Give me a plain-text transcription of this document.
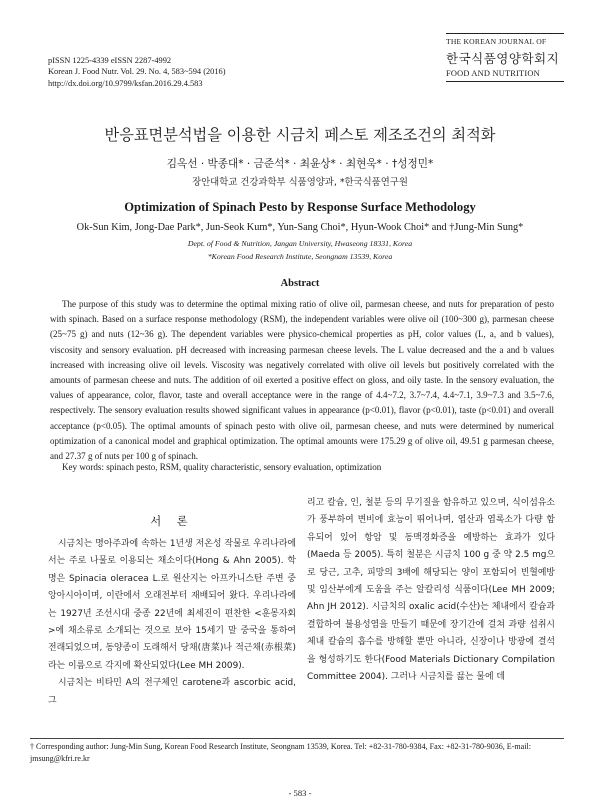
pISSN 1225-4339 eISSN 2287-4992
Korean J. Food Nutr. Vol. 29. No. 4, 583~594 (2016)
http://dx.doi.org/10.9799/ksfan.2016.29.4.583
THE KOREAN JOURNAL OF
한국식품영양학회지
FOOD AND NUTRITION
반응표면분석법을 이용한 시금치 페스토 제조조건의 최적화
김옥선 · 박종대* · 금준석* · 최윤상* · 최현욱* · †성정민*
장안대학교 건강과학부 식품영양과, *한국식품연구원
Optimization of Spinach Pesto by Response Surface Methodology
Ok-Sun Kim, Jong-Dae Park*, Jun-Seok Kum*, Yun-Sang Choi*, Hyun-Wook Choi* and †Jung-Min Sung*
Dept. of Food & Nutrition, Jangan University, Hwaseong 18331, Korea
*Korean Food Research Institute, Seongnam 13539, Korea
Abstract
The purpose of this study was to determine the optimal mixing ratio of olive oil, parmesan cheese, and nuts for preparation of pesto with spinach. Based on a surface response methodology (RSM), the independent variables were olive oil (100~300 g), parmesan cheese (25~75 g) and nuts (12~36 g). The dependent variables were physico-chemical properties as pH, color values (L, a, and b values), viscosity and sensory evaluation. pH decreased with increasing parmesan cheese levels. The L value decreased and the a and b values increased with increasing olive oil levels. Viscosity was negatively correlated with olive oil levels but positively correlated with the amounts of parmesan cheese and nuts. The addition of oil exerted a positive effect on gloss, and oily taste. In the sensory evaluation, the values of appearance, color, flavor, taste and overall acceptance were in the range of 4.4~7.2, 3.7~7.4, 4.4~7.1, 3.9~7.3 and 3.5~7.6, respectively. The sensory evaluation results showed significant values in appearance (p<0.01), flavor (p<0.01), taste (p<0.01) and overall acceptance (p<0.05). The optimal amounts of spinach pesto with olive oil, parmesan cheese, and nuts were determined by numerical optimization of a canonical model and graphical optimization. The optimal amounts were 175.29 g of olive oil, 49.51 g parmesan cheese, and 27.37 g of nuts per 100 g of spinach.
Key words: spinach pesto, RSM, quality characteristic, sensory evaluation, optimization
서 론
시금치는 명아주과에 속하는 1년생 저온성 작물로 우리나라에서는 주로 나물로 이용되는 채소이다(Hong & Ahn 2005). 학명은 Spinacia oleracea L.로 원산지는 아프카니스탄 주변 중앙아시아이며, 이란에서 오래전부터 재배되어 왔다. 우리나라에는 1927년 조선시대 중종 22년에 최세진이 편찬한 <훈몽자회>에 채소류로 소개되는 것으로 보아 15세기 말 중국을 통하여 전래되었으며, 동양종이 도래해서 당채(唐菜)나 적근채(赤根菜)라는 이름으로 각지에 확산되었다(Lee MH 2009).
시금치는 비타민 A의 전구체인 carotene과 ascorbic acid, 그
리고 칼슘, 인, 철분 등의 무기질을 함유하고 있으며, 식이섬유소가 풍부하여 변비에 효능이 뛰어나며, 엽산과 엽록소가 다량 함유되어 있어 항암 및 동맥경화증을 예방하는 효과가 있다(Maeda 등 2005). 특히 철분은 시금치 100 g 중 약 2.5 mg으로 당근, 고추, 피망의 3배에 해당되는 양이 포함되어 빈혈예방 및 임산부에게 도움을 주는 알칼리성 식품이다(Lee MH 2009; Ahn JH 2012). 시금치의 oxalic acid(수산)는 체내에서 칼슘과 결합하여 불용성염을 만들기 때문에 장기간에 걸쳐 과량 섭취시 체내 칼슘의 흡수를 방해할 뿐만 아니라, 신장이나 방광에 결석을 형성하기도 한다(Food Materials Dictionary Compilation Committee 2004). 그러나 시금치를 끓는 물에 데
† Corresponding author: Jung-Min Sung, Korean Food Research Institute, Seongnam 13539, Korea. Tel: +82-31-780-9384, Fax: +82-31-780-9036, E-mail: jmsung@kfri.re.kr
- 583 -
